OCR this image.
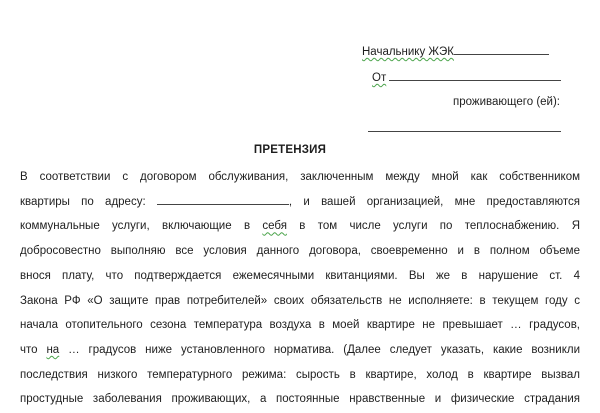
Начальнику ЖЭК
От
проживающего (ей):
ПРЕТЕНЗИЯ
В соответствии с договором обслуживания, заключенным между мной как собственником
квартиры по адресу:	, и вашей организацией, мне предоставляются
коммунальные услуги, включающие в себя в том числе услуги по теплоснабжению. Я
добросовестно выполняю все условия данного договора, своевременно и в полном объеме
внося плату, что подтверждается ежемесячными квитанциями. Вы же в нарушение ст. 4
Закона РФ «О защите прав потребителей» своих обязательств не исполняете: в текущем году с
начала отопительного сезона температура воздуха в моей квартире не превышает … градусов,
что на … градусов ниже установленного норматива. (Далее следует указать, какие возникли
последствия низкого температурного режима: сырость в квартире, холод в квартире вызвал
простудные заболевания проживающих, а постоянные нравственные и физические страдания
